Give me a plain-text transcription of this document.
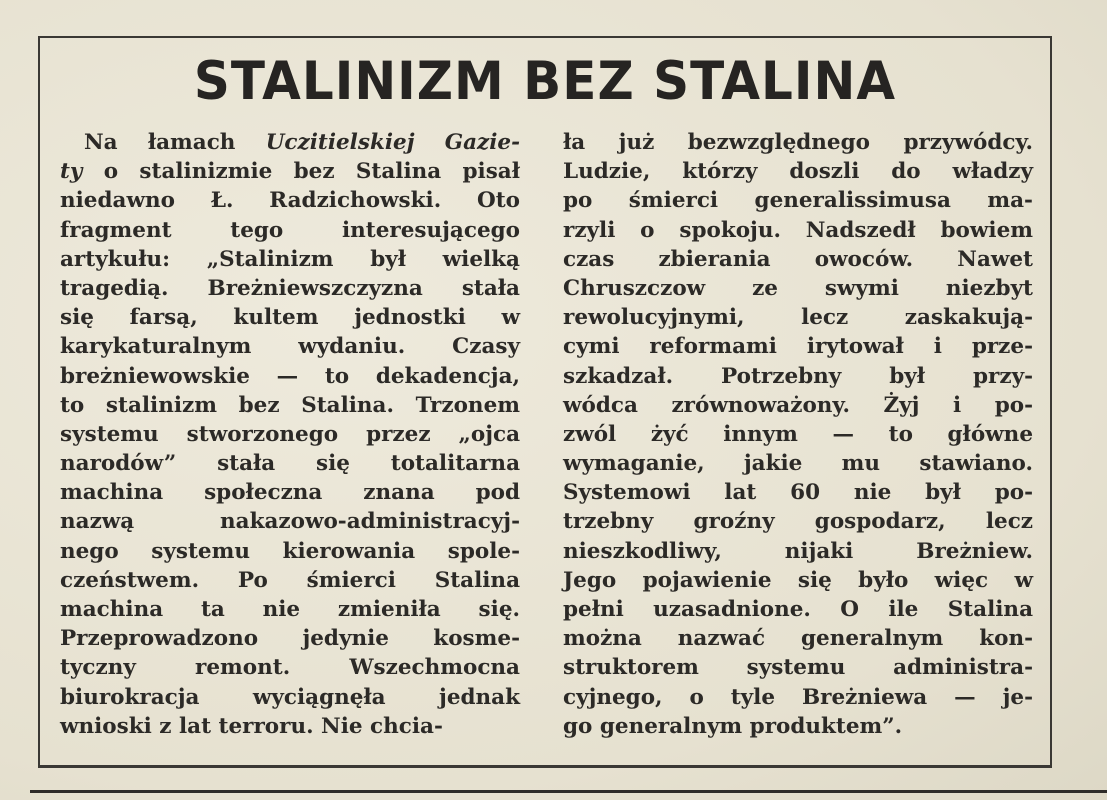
STALINIZM BEZ STALINA
Na łamach Uczitielskiej Gazie-
ty o stalinizmie bez Stalina pisał
niedawno Ł. Radzichowski. Oto
fragment tego interesującego
artykułu: „Stalinizm był wielką
tragedią. Breżniewszczyzna stała
się farsą, kultem jednostki w
karykaturalnym wydaniu. Czasy
breżniewowskie — to dekadencja,
to stalinizm bez Stalina. Trzonem
systemu stworzonego przez „ojca
narodów” stała się totalitarna
machina społeczna znana pod
nazwą nakazowo-administracyj-
nego systemu kierowania spole-
czeństwem. Po śmierci Stalina
machina ta nie zmieniła się.
Przeprowadzono jedynie kosme-
tyczny remont. Wszechmocna
biurokracja wyciągnęła jednak
wnioski z lat terroru. Nie chcia-
ła już bezwzględnego przywódcy.
Ludzie, którzy doszli do władzy
po śmierci generalissimusa ma-
rzyli o spokoju. Nadszedł bowiem
czas zbierania owoców. Nawet
Chruszczow ze swymi niezbyt
rewolucyjnymi, lecz zaskakują-
cymi reformami irytował i prze-
szkadzał. Potrzebny był przy-
wódca zrównoważony. Żyj i po-
zwól żyć innym — to główne
wymaganie, jakie mu stawiano.
Systemowi lat 60 nie był po-
trzebny groźny gospodarz, lecz
nieszkodliwy, nijaki Breżniew.
Jego pojawienie się było więc w
pełni uzasadnione. O ile Stalina
można nazwać generalnym kon-
struktorem systemu administra-
cyjnego, o tyle Breżniewa — je-
go generalnym produktem”.
